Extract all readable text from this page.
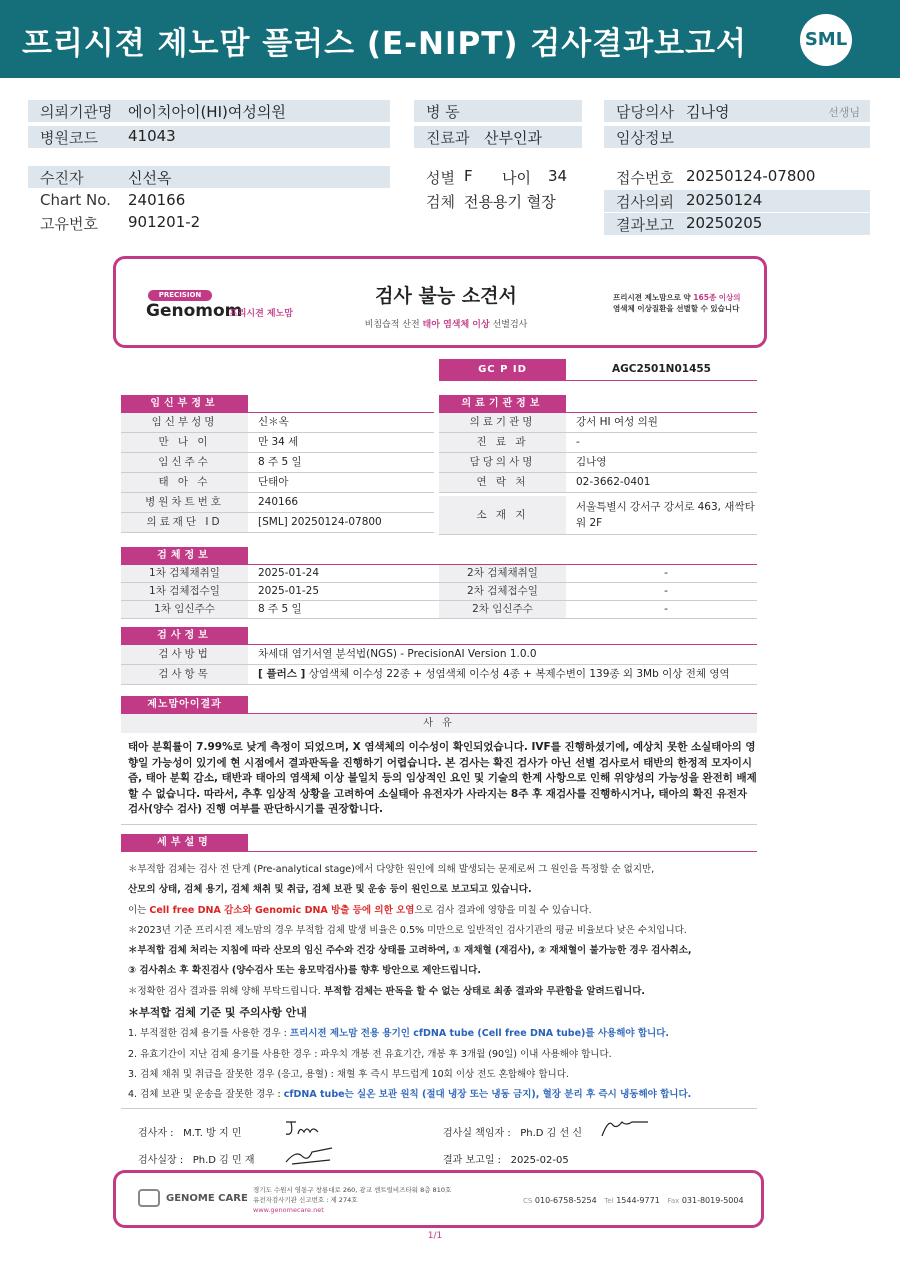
프리시젼 제노맘 플러스 (E-NIPT) 검사결과보고서	SML
의뢰기관명 에이치아이(HI)여성의원	병 동	담당의사 김나영	선생님
병원코드 41043	진료과 산부인과	임상정보
수진자	신선옥	성별 F 나이 34	접수번호 20250124-07800
Chart No. 240166	검체 전용용기 혈장	검사의뢰 20250124
고유번호 901201-2	결과보고 20250205
PRECISION
Genomom
프리시젼 제노맘
검사 불능 소견서
비침습적 산전 태아 염색체 이상 선별검사
프리시젼 제노맘으로 약 165종 이상의
염색체 이상질환을 선별할 수 있습니다
GC P ID	AGC2501N01455
임신부정보
임신부성명	신＊옥
만 나 이	만 34 세
임신주수	8 주 5 일
태 아 수	단태아
병원차트번호	240166
의료재단 ID	[SML] 20250124-07800
의료기관정보
의료기관명	강서 HI 여성 의원
진 료 과	-
담당의사명	김나영
연 락 처	02-3662-0401
소 재 지
서울특별시 강서구 강서로 463, 새싹타
워 2F
검체정보
1차 검체채취일	2025-01-24	2차 검체채취일	-
1차 검체접수일	2025-01-25	2차 검체접수일	-
1차 임신주수	8 주 5 일	2차 임신주수	-
검사정보
검사방법	차세대 염기서열 분석법(NGS) - PrecisionAI Version 1.0.0
검사항목	[ 플러스 ] 상염색체 이수성 22종 + 성염색체 이수성 4종 + 복제수변이 139종 외 3Mb 이상 전체 영역
제노맘아이결과
사 유
태아 분획률이 7.99%로 낮게 측정이 되었으며, X 염색체의 이수성이 확인되었습니다. IVF를 진행하셨기에, 예상치 못한 소실태아의 영향일 가능성이 있기에 현 시점에서 결과판독을 진행하기 어렵습니다. 본 검사는 확진 검사가 아닌 선별 검사로서 태반의 한정적 모자이시즘, 태아 분획 감소, 태반과 태아의 염색체 이상 불일치 등의 임상적인 요인 및 기술의 한계 사항으로 인해 위양성의 가능성을 완전히 배제할 수 없습니다. 따라서, 추후 임상적 상황을 고려하여 소실태아 유전자가 사라지는 8주 후 재검사를 진행하시거나, 태아의 확진 유전자 검사(양수 검사) 진행 여부를 판단하시기를 권장합니다.
세부설명
＊부적합 검체는 검사 전 단계 (Pre-analytical stage)에서 다양한 원인에 의해 발생되는 문제로써 그 원인을 특정할 순 없지만,
산모의 상태, 검체 용기, 검체 채취 및 취급, 검체 보관 및 운송 등이 원인으로 보고되고 있습니다.
이는 Cell free DNA 감소와 Genomic DNA 방출 등에 의한 오염으로 검사 결과에 영향을 미칠 수 있습니다.
＊2023년 기준 프리시젼 제노맘의 경우 부적합 검체 발생 비율은 0.5% 미만으로 일반적인 검사기관의 평균 비율보다 낮은 수치입니다.
＊부적합 검체 처리는 지침에 따라 산모의 임신 주수와 건강 상태를 고려하여, ① 재채혈 (재검사), ② 재채혈이 불가능한 경우 검사취소,
③ 검사취소 후 확진검사 (양수검사 또는 융모막검사)를 향후 방안으로 제안드립니다.
＊정확한 검사 결과를 위해 양해 부탁드립니다. 부적합 검체는 판독을 할 수 없는 상태로 최종 결과와 무관함을 알려드립니다.
＊부적합 검체 기준 및 주의사항 안내
1. 부적절한 검체 용기를 사용한 경우 : 프리시젼 제노맘 전용 용기인 cfDNA tube (Cell free DNA tube)를 사용해야 합니다.
2. 유효기간이 지난 검체 용기를 사용한 경우 : 파우치 개봉 전 유효기간, 개봉 후 3개월 (90일) 이내 사용해야 합니다.
3. 검체 채취 및 취급을 잘못한 경우 (응고, 용혈) : 채혈 후 즉시 부드럽게 10회 이상 전도 혼합해야 합니다.
4. 검체 보관 및 운송을 잘못한 경우 : cfDNA tube는 실온 보관 원칙 (절대 냉장 또는 냉동 금지), 혈장 분리 후 즉시 냉동해야 합니다.
검사자 : M.T. 방 지 민	검사실 책임자 : Ph.D 김 선 신
검사실장 : Ph.D 김 민 재	결과 보고일 : 2025-02-05
GENOME CARE
경기도 수원시 영통구 창룡대로 260, 광교 센트럴비즈타워 8층 810호
유전자검사기관 신고번호 : 제 274호
www.genomecare.net
CS 010-6758-5254 Tel 1544-9771 Fax 031-8019-5004
1/1
